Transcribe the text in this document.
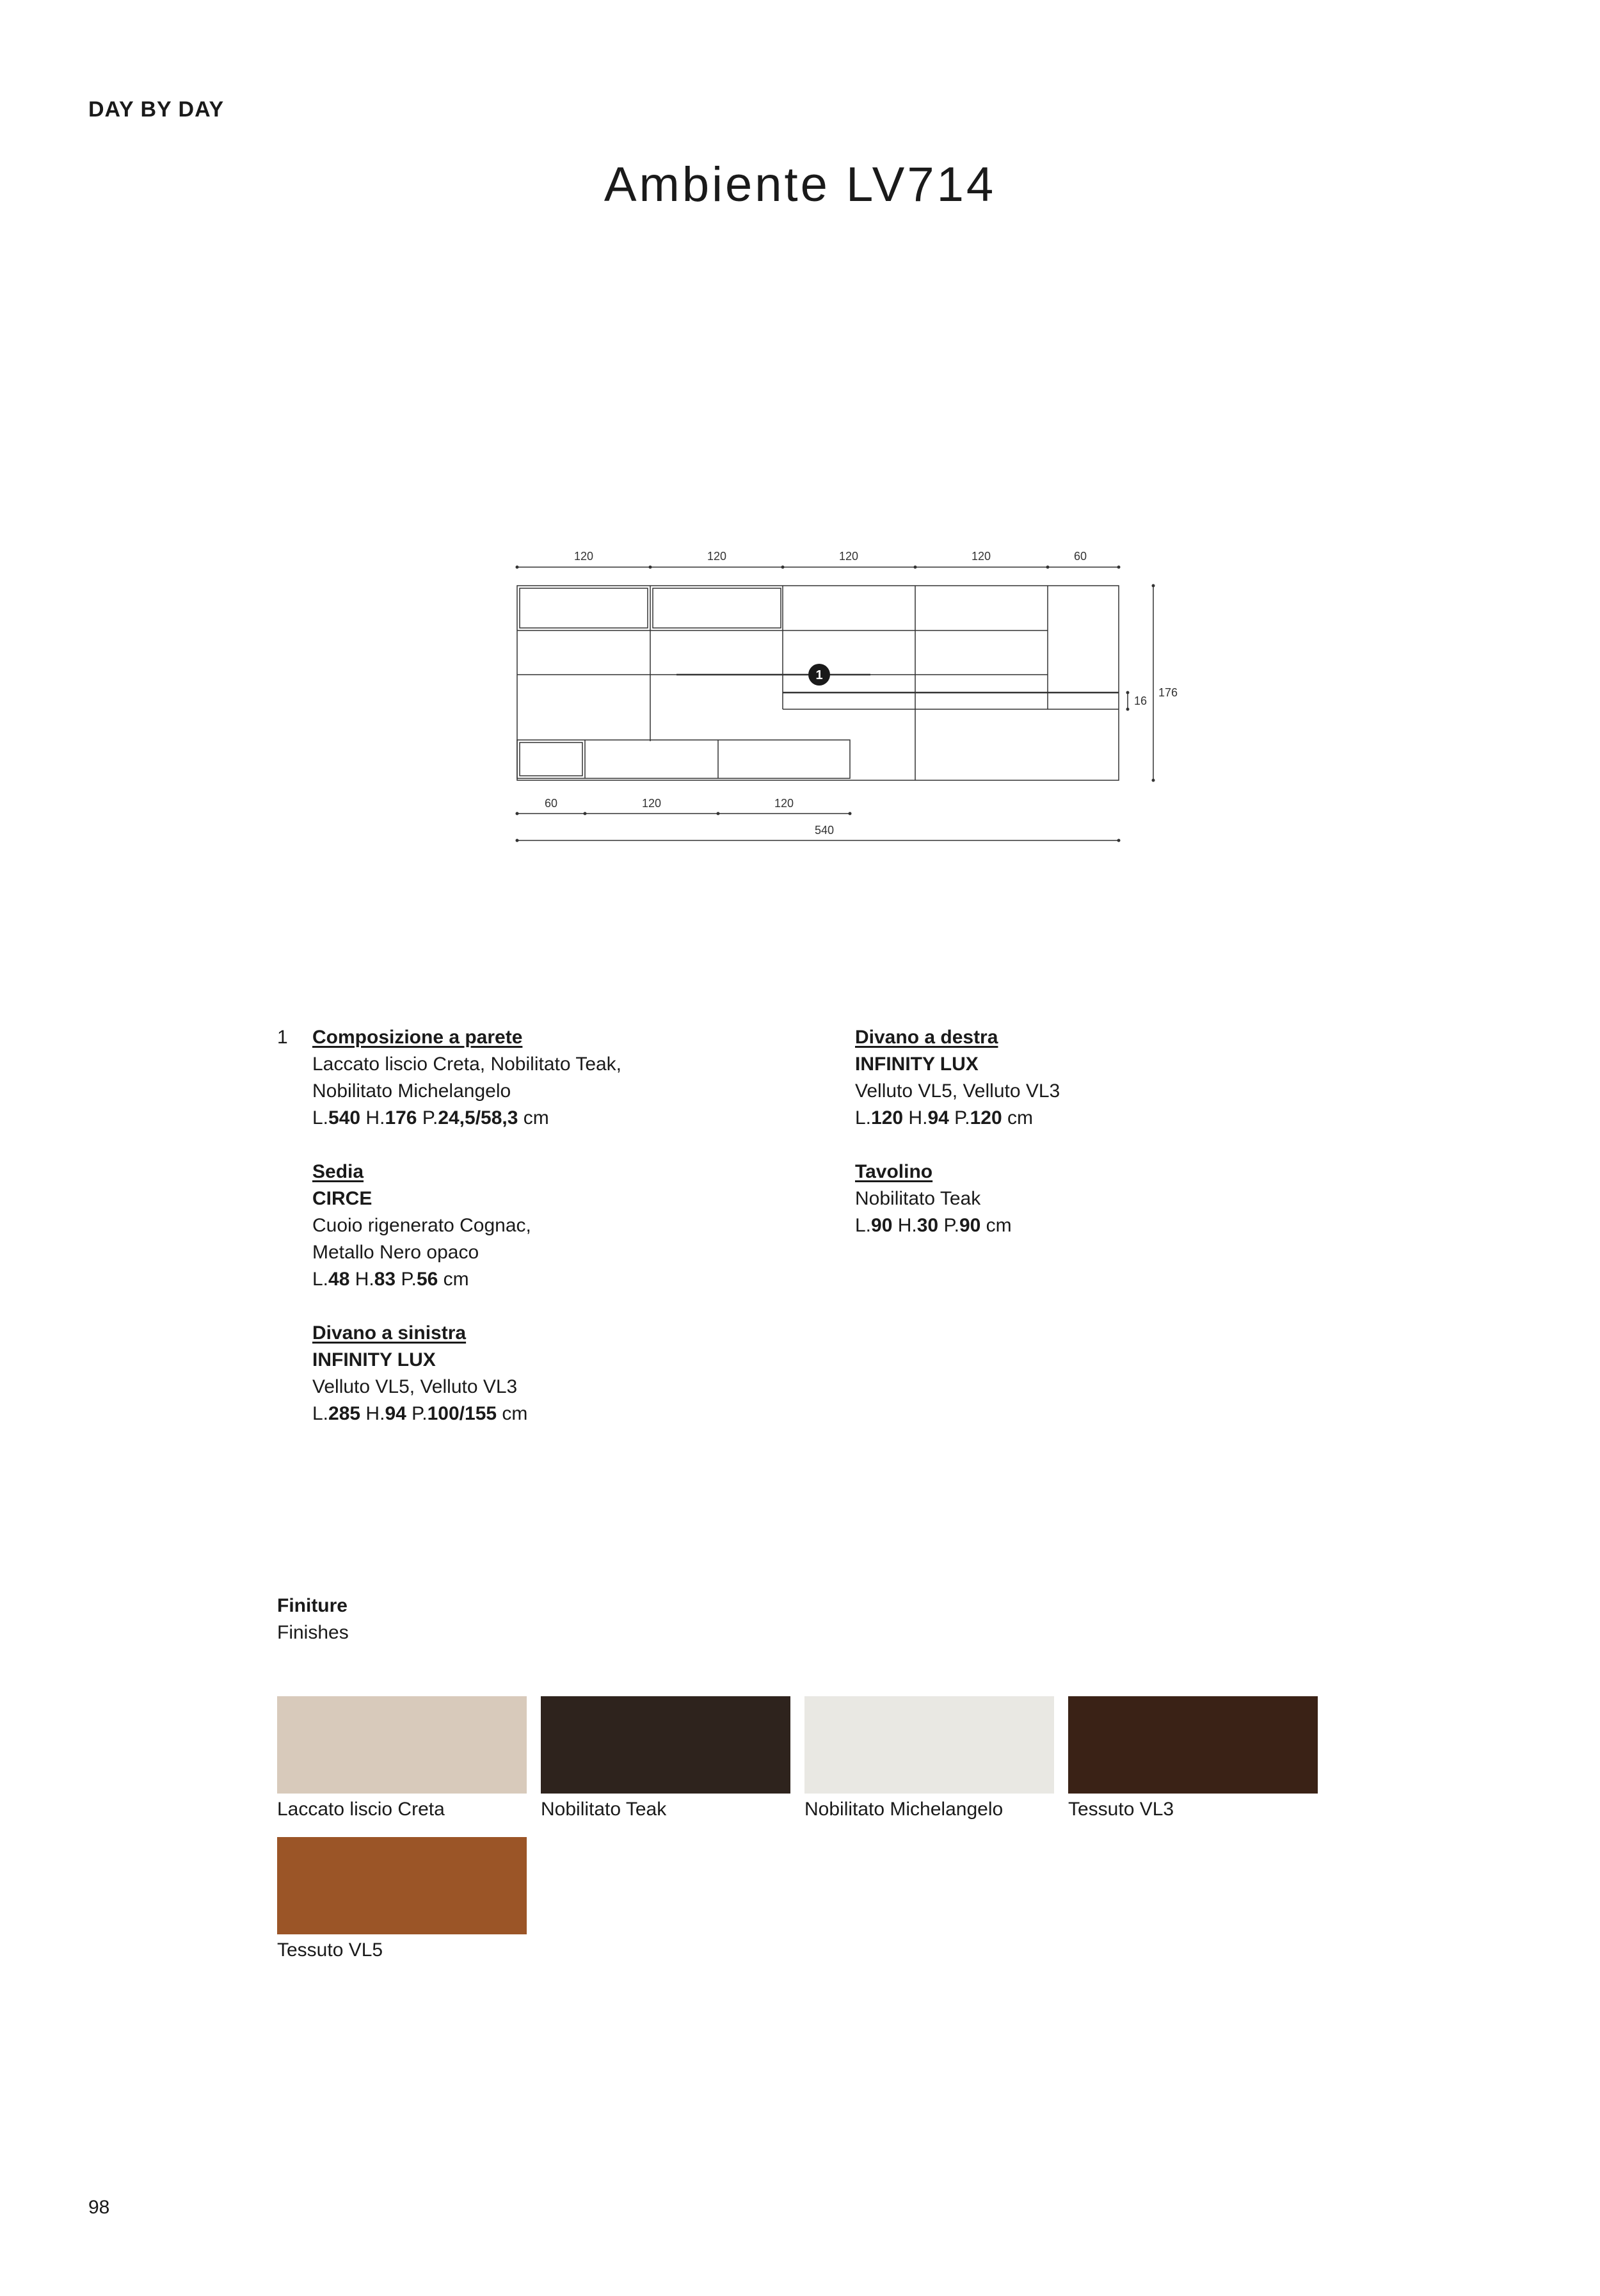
DAY BY DAY
Ambiente LV714
120	120	120	120	60
60	120	120
540
176
16
1
1 Composizione a parete
Laccato liscio Creta, Nobilitato Teak,
Nobilitato Michelangelo
L.540 H.176 P.24,5/58,3 cm
Sedia
CIRCE
Cuoio rigenerato Cognac,
Metallo Nero opaco
L.48 H.83 P.56 cm
Divano a sinistra
INFINITY LUX
Velluto VL5, Velluto VL3
L.285 H.94 P.100/155 cm
Divano a destra
INFINITY LUX
Velluto VL5, Velluto VL3
L.120 H.94 P.120 cm
Tavolino
Nobilitato Teak
L.90 H.30 P.90 cm
Finiture
Finishes
Laccato liscio Creta	Nobilitato Teak	Nobilitato Michelangelo	Tessuto VL3
Tessuto VL5
98
